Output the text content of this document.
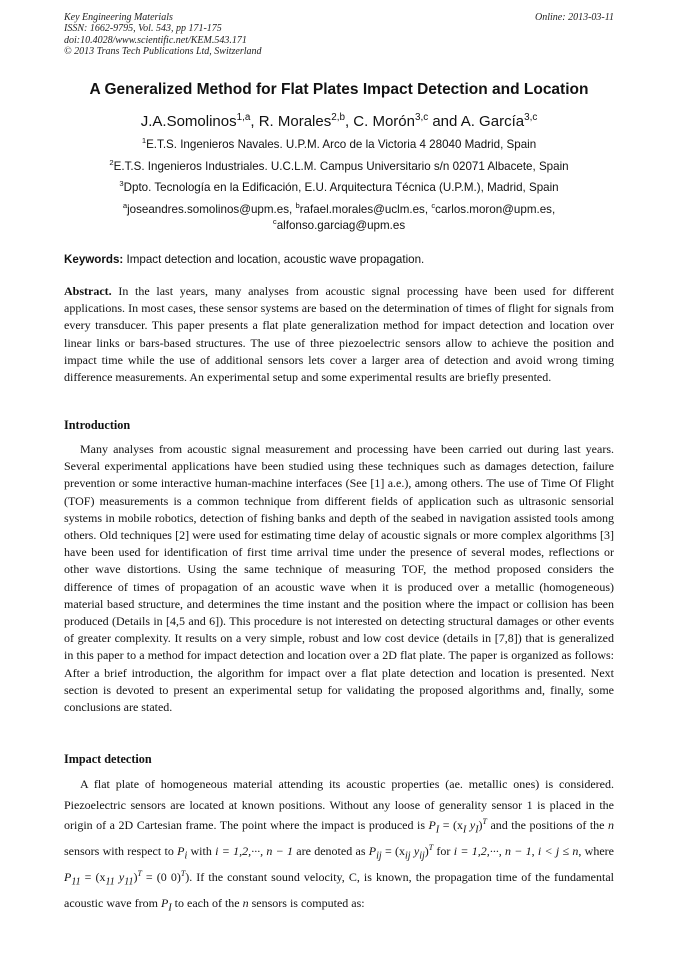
Key Engineering Materials
ISSN: 1662-9795, Vol. 543, pp 171-175
doi:10.4028/www.scientific.net/KEM.543.171
© 2013 Trans Tech Publications Ltd, Switzerland
Online: 2013-03-11
A Generalized Method for Flat Plates Impact Detection and Location
J.A.Somolinos$^{1,a}$, R. Morales$^{2,b}$, C. Morón$^{3,c}$ and A. García$^{3,c}$
$^1$E.T.S. Ingenieros Navales. U.P.M. Arco de la Victoria 4 28040 Madrid, Spain
$^2$E.T.S. Ingenieros Industriales. U.C.L.M. Campus Universitario s/n 02071 Albacete, Spain
$^3$Dpto. Tecnología en la Edificación, E.U. Arquitectura Técnica (U.P.M.), Madrid, Spain
$^a$joseandres.somolinos@upm.es, $^b$rafael.morales@uclm.es, $^c$carlos.moron@upm.es,
$^c$alfonso.garciag@upm.es
Keywords: Impact detection and location, acoustic wave propagation.
Abstract. In the last years, many analyses from acoustic signal processing have been used for different applications. In most cases, these sensor systems are based on the determination of times of flight for signals from every transducer. This paper presents a flat plate generalization method for impact detection and location over linear links or bars-based structures. The use of three piezoelectric sensors allow to achieve the position and impact time while the use of additional sensors lets cover a larger area of detection and avoid wrong timing difference measurements. An experimental setup and some experimental results are briefly presented.
Introduction

Many analyses from acoustic signal measurement and processing have been carried out during last years. Several experimental applications have been studied using these techniques such as damages detection, failure prevention or some interactive human-machine interfaces (See [1] a.e.), among others. The use of Time Of Flight (TOF) measurements is a common technique from different fields of application such as ultrasonic sensorial systems in mobile robotics, detection of fishing banks and depth of the seabed in navigation assisted tools among others. Old techniques [2] were used for estimating time delay of acoustic signals or more complex algorithms [3] have been used for identification of first time arrival time under the presence of several modes, reflections or other wave distortions. Using the same technique of measuring TOF, the method proposed considers the difference of times of propagation of an acoustic wave when it is produced over a metallic (homogeneous) material based structure, and determines the time instant and the position where the impact or collision has been produced (Details in [4,5 and 6]). This procedure is not interested on detecting structural damages or other events of greater complexity. It results on a very simple, robust and low cost device (details in [7,8]) that is generalized in this paper to a method for impact detection and location over a 2D flat plate. The paper is organized as follows: After a brief introduction, the algorithm for impact over a flat plate detection and location is presented. Next section is devoted to present an experimental setup for validating the proposed algorithms and, finally, some conclusions are stated.

Impact detection

A flat plate of homogeneous material attending its acoustic properties (ae. metallic ones) is considered. Piezoelectric sensors are located at known positions. Without any loose of generality sensor 1 is placed in the origin of a 2D Cartesian frame. The point where the impact is produced is $P_I = (x_I$ $y_I)^T$ and the positions of the n sensors with respect to $P_i$ with i = 1,2,···, n − 1 are denoted as $P_{ij} = (x_{ij}$ $y_{ij})^T$ for i = 1,2,···, n − 1, i < j ≤ n, where $P_{11} = (x_{11}$ $y_{11})^T = (0$ 0)$^T$). If the constant sound velocity, C, is known, the propagation time of the fundamental acoustic wave from $P_I$ to each of the n sensors is computed as:
